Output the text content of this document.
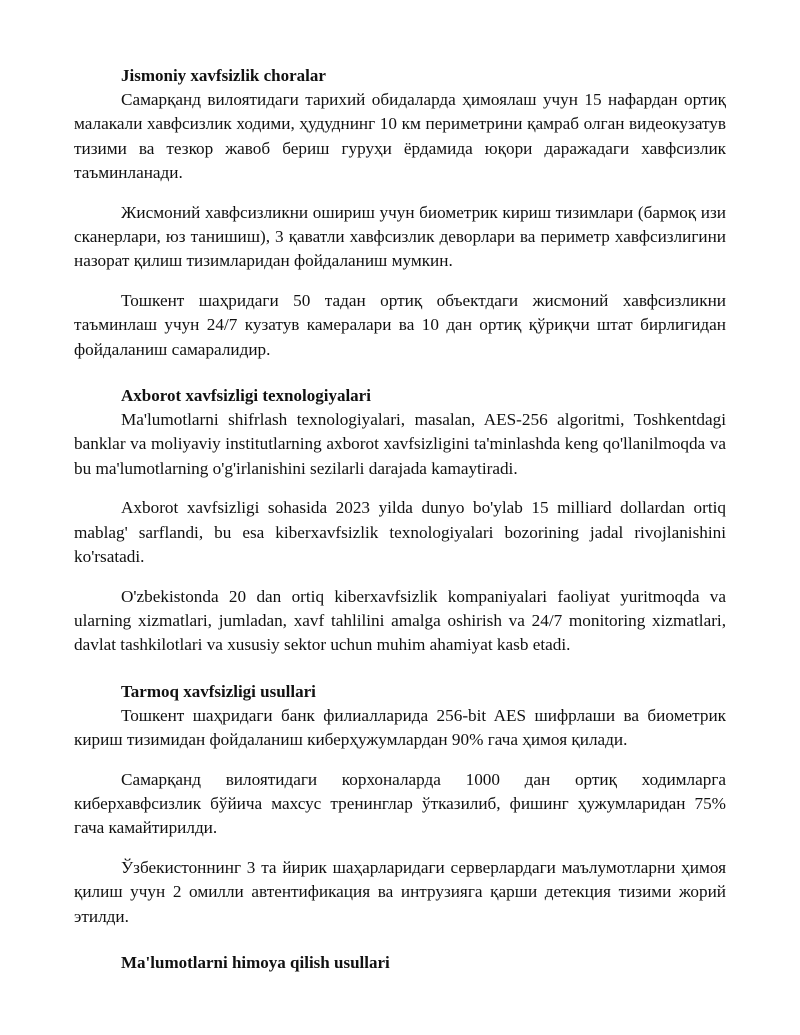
Jismoniy xavfsizlik choralar

Самарқанд вилоятидаги тарихий обидаларда ҳимоялаш учун 15 нафардан ортиқ малакали хавфсизлик ходими, ҳудуднинг 10 км периметрини қамраб олган видеокузатув тизими ва тезкор жавоб бериш гуруҳи ёрдамида юқори даражадаги хавфсизлик таъминланади.

Жисмоний хавфсизликни ошириш учун биометрик кириш тизимлари (бармоқ изи сканерлари, юз танишиш), 3 қаватли хавфсизлик деворлари ва периметр хавфсизлигини назорат қилиш тизимларидан фойдаланиш мумкин.

Тошкент шаҳридаги 50 тадан ортиқ объектдаги жисмоний хавфсизликни таъминлаш учун 24/7 кузатув камералари ва 10 дан ортиқ қўриқчи штат бирлигидан фойдаланиш самаралидир.

Axborot xavfsizligi texnologiyalari

Ma'lumotlarni shifrlash texnologiyalari, masalan, AES-256 algoritmi, Toshkentdagi banklar va moliyaviy institutlarning axborot xavfsizligini ta'minlashda keng qo'llanilmoqda va bu ma'lumotlarning o'g'irlanishini sezilarli darajada kamaytiradi.

Axborot xavfsizligi sohasida 2023 yilda dunyo bo'ylab 15 milliard dollardan ortiq mablag' sarflandi, bu esa kiberxavfsizlik texnologiyalari bozorining jadal rivojlanishini ko'rsatadi.

O'zbekistonda 20 dan ortiq kiberxavfsizlik kompaniyalari faoliyat yuritmoqda va ularning xizmatlari, jumladan, xavf tahlilini amalga oshirish va 24/7 monitoring xizmatlari, davlat tashkilotlari va xususiy sektor uchun muhim ahamiyat kasb etadi.

Tarmoq xavfsizligi usullari

Тошкент шаҳридаги банк филиалларида 256-bit AES шифрлаши ва биометрик кириш тизимидан фойдаланиш киберҳужумлардан 90% гача ҳимоя қилади.

Самарқанд вилоятидаги корхоналарда 1000 дан ортиқ ходимларга киберхавфсизлик бўйича махсус тренинглар ўтказилиб, фишинг ҳужумларидан 75% гача камайтирилди.

Ўзбекистоннинг 3 та йирик шаҳарларидаги серверлардаги маълумотларни ҳимоя қилиш учун 2 омилли автентификация ва интрузияга қарши детекция тизими жорий этилди.

Ma'lumotlarni himoya qilish usullari
